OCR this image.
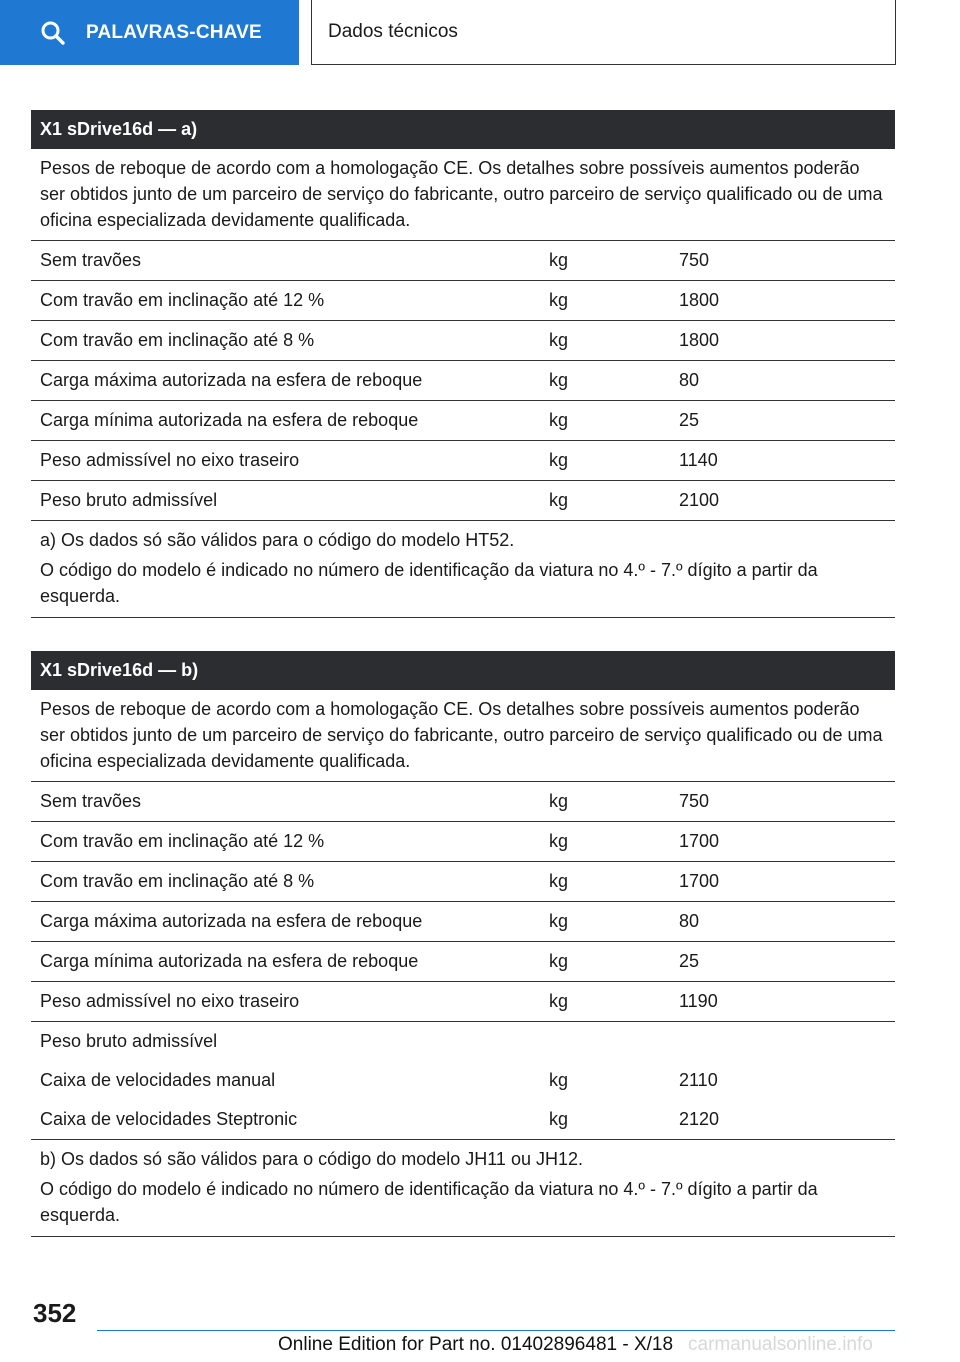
PALAVRAS-CHAVE	Dados técnicos
X1 sDrive16d — a)
Pesos de reboque de acordo com a homologação CE. Os detalhes sobre possíveis aumentos poderão ser obtidos junto de um parceiro de serviço do fabricante, outro parceiro de serviço qualificado ou de uma oficina especializada devidamente qualificada.
Sem travões	kg	750
Com travão em inclinação até 12 %	kg	1800
Com travão em inclinação até 8 %	kg	1800
Carga máxima autorizada na esfera de reboque	kg	80
Carga mínima autorizada na esfera de reboque	kg	25
Peso admissível no eixo traseiro	kg	1140
Peso bruto admissível	kg	2100

a) Os dados só são válidos para o código do modelo HT52.

O código do modelo é indicado no número de identificação da viatura no 4.º - 7.º dígito a partir da esquerda.

X1 sDrive16d — b)
Pesos de reboque de acordo com a homologação CE. Os detalhes sobre possíveis aumentos poderão ser obtidos junto de um parceiro de serviço do fabricante, outro parceiro de serviço qualificado ou de uma oficina especializada devidamente qualificada.
Sem travões	kg	750
Com travão em inclinação até 12 %	kg	1700
Com travão em inclinação até 8 %	kg	1700
Carga máxima autorizada na esfera de reboque	kg	80
Carga mínima autorizada na esfera de reboque	kg	25
Peso admissível no eixo traseiro	kg	1190
Peso bruto admissível
Caixa de velocidades manual	kg	2110
Caixa de velocidades Steptronic	kg	2120

b) Os dados só são válidos para o código do modelo JH11 ou JH12.

O código do modelo é indicado no número de identificação da viatura no 4.º - 7.º dígito a partir da esquerda.

352
Online Edition for Part no. 01402896481 - X/18 carmanualsonline.info
